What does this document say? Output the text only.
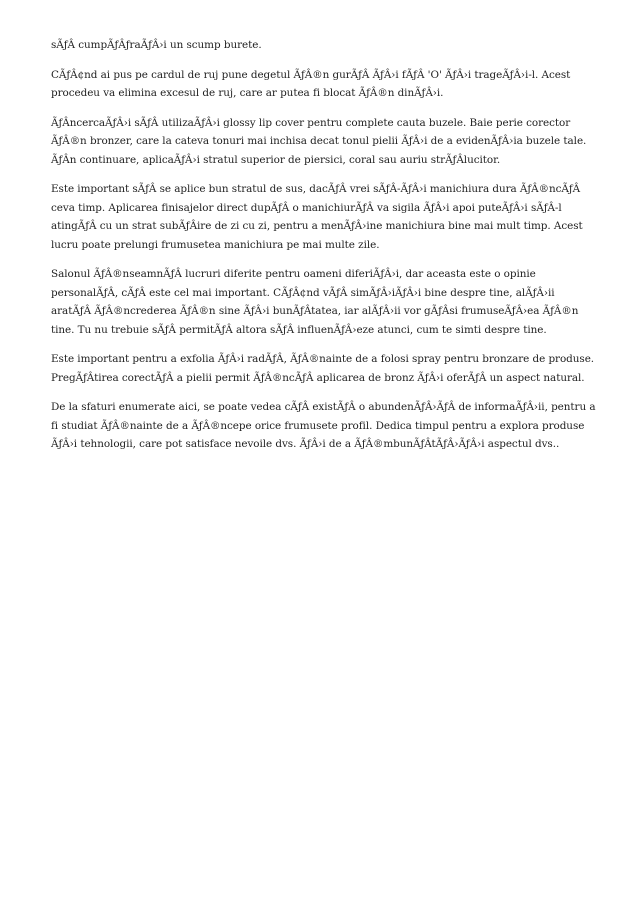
sÃƒÂ cumpÃƒÂƒraÃƒÂ›i un scump burete.

CÃƒÂ¢nd ai pus pe cardul de ruj pune degetul ÃƒÂ®n gurÃƒÂ ÃƒÂ›i fÃƒÂ 'O' ÃƒÂ›i trageÃƒÂ›i-l. Acest procedeu va elimina excesul de ruj, care ar putea fi blocat ÃƒÂ®n dinÃƒÂ›i.

ÃƒÂncercaÃƒÂ›i sÃƒÂ utilizaÃƒÂ›i glossy lip cover pentru complete cauta buzele. Baie perie corector ÃƒÂ®n bronzer, care la cateva tonuri mai inchisa decat tonul pielii ÃƒÂ›i de a evidenÃƒÂ›ia buzele tale. ÃƒÂn continuare, aplicaÃƒÂ›i stratul superior de piersici, coral sau auriu strÃƒÂlucitor.

Este important sÃƒÂ se aplice bun stratul de sus, dacÃƒÂ vrei sÃƒÂ-ÃƒÂ›i manichiura dura ÃƒÂ®ncÃƒÂ ceva timp. Aplicarea finisajelor direct dupÃƒÂ o manichiurÃƒÂ va sigila ÃƒÂ›i apoi puteÃƒÂ›i sÃƒÂ-l atingÃƒÂ cu un strat subÃƒÂire de zi cu zi, pentru a menÃƒÂ›ine manichiura bine mai mult timp. Acest lucru poate prelungi frumusetea manichiura pe mai multe zile.

Salonul ÃƒÂ®nseamnÃƒÂ lucruri diferite pentru oameni diferiÃƒÂ›i, dar aceasta este o opinie personalÃƒÂ, cÃƒÂ este cel mai important. CÃƒÂ¢nd vÃƒÂ simÃƒÂ›iÃƒÂ›i bine despre tine, alÃƒÂ›ii aratÃƒÂ ÃƒÂ®ncrederea ÃƒÂ®n sine ÃƒÂ›i bunÃƒÂtatea, iar alÃƒÂ›ii vor gÃƒÂsi frumuseÃƒÂ›ea ÃƒÂ®n tine. Tu nu trebuie sÃƒÂ permitÃƒÂ altora sÃƒÂ influenÃƒÂ›eze atunci, cum te simti despre tine.

Este important pentru a exfolia ÃƒÂ›i radÃƒÂ, ÃƒÂ®nainte de a folosi spray pentru bronzare de produse. PregÃƒÂtirea corectÃƒÂ a pielii permit ÃƒÂ®ncÃƒÂ aplicarea de bronz ÃƒÂ›i oferÃƒÂ un aspect natural.

De la sfaturi enumerate aici, se poate vedea cÃƒÂ existÃƒÂ o abundenÃƒÂ›ÃƒÂ de informaÃƒÂ›ii, pentru a fi studiat ÃƒÂ®nainte de a ÃƒÂ®ncepe orice frumusete profil. Dedica timpul pentru a explora produse ÃƒÂ›i tehnologii, care pot satisface nevoile dvs. ÃƒÂ›i de a ÃƒÂ®mbunÃƒÂtÃƒÂ›ÃƒÂ›i aspectul dvs..
